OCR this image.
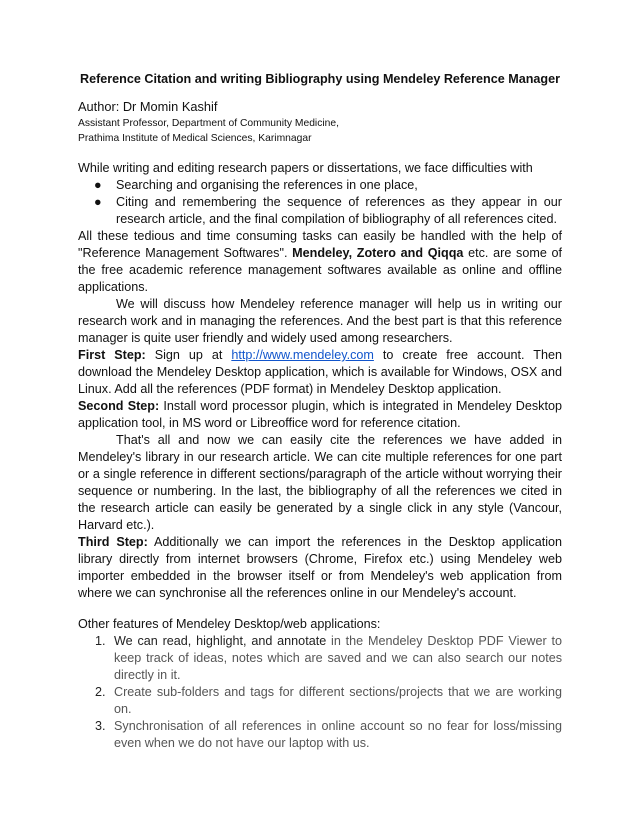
Reference Citation and writing Bibliography using Mendeley Reference Manager
Author: Dr Momin Kashif
Assistant Professor, Department of Community Medicine,
Prathima Institute of Medical Sciences, Karimnagar

While writing and editing research papers or dissertations, we face difficulties with

● Searching and organising the references in one place,
● Citing and remembering the sequence of references as they appear in our research article, and the final compilation of bibliography of all references cited.

All these tedious and time consuming tasks can easily be handled with the help of "Reference Management Softwares". Mendeley, Zotero and Qiqqa etc. are some of the free academic reference management softwares available as online and offline applications.

We will discuss how Mendeley reference manager will help us in writing our research work and in managing the references. And the best part is that this reference manager is quite user friendly and widely used among researchers.

First Step: Sign up at http://www.mendeley.com to create free account. Then download the Mendeley Desktop application, which is available for Windows, OSX and Linux. Add all the references (PDF format) in Mendeley Desktop application.

Second Step: Install word processor plugin, which is integrated in Mendeley Desktop application tool, in MS word or Libreoffice word for reference citation.

That's all and now we can easily cite the references we have added in Mendeley's library in our research article. We can cite multiple references for one part or a single reference in different sections/paragraph of the article without worrying their sequence or numbering. In the last, the bibliography of all the references we cited in the research article can easily be generated by a single click in any style (Vancour, Harvard etc.).

Third Step: Additionally we can import the references in the Desktop application library directly from internet browsers (Chrome, Firefox etc.) using Mendeley web importer embedded in the browser itself or from Mendeley's web application from where we can synchronise all the references online in our Mendeley's account.

Other features of Mendeley Desktop/web applications:

1. We can read, highlight, and annotate in the Mendeley Desktop PDF Viewer to keep track of ideas, notes which are saved and we can also search our notes directly in it.
2. Create sub-folders and tags for different sections/projects that we are working on.
3. Synchronisation of all references in online account so no fear for loss/missing even when we do not have our laptop with us.
